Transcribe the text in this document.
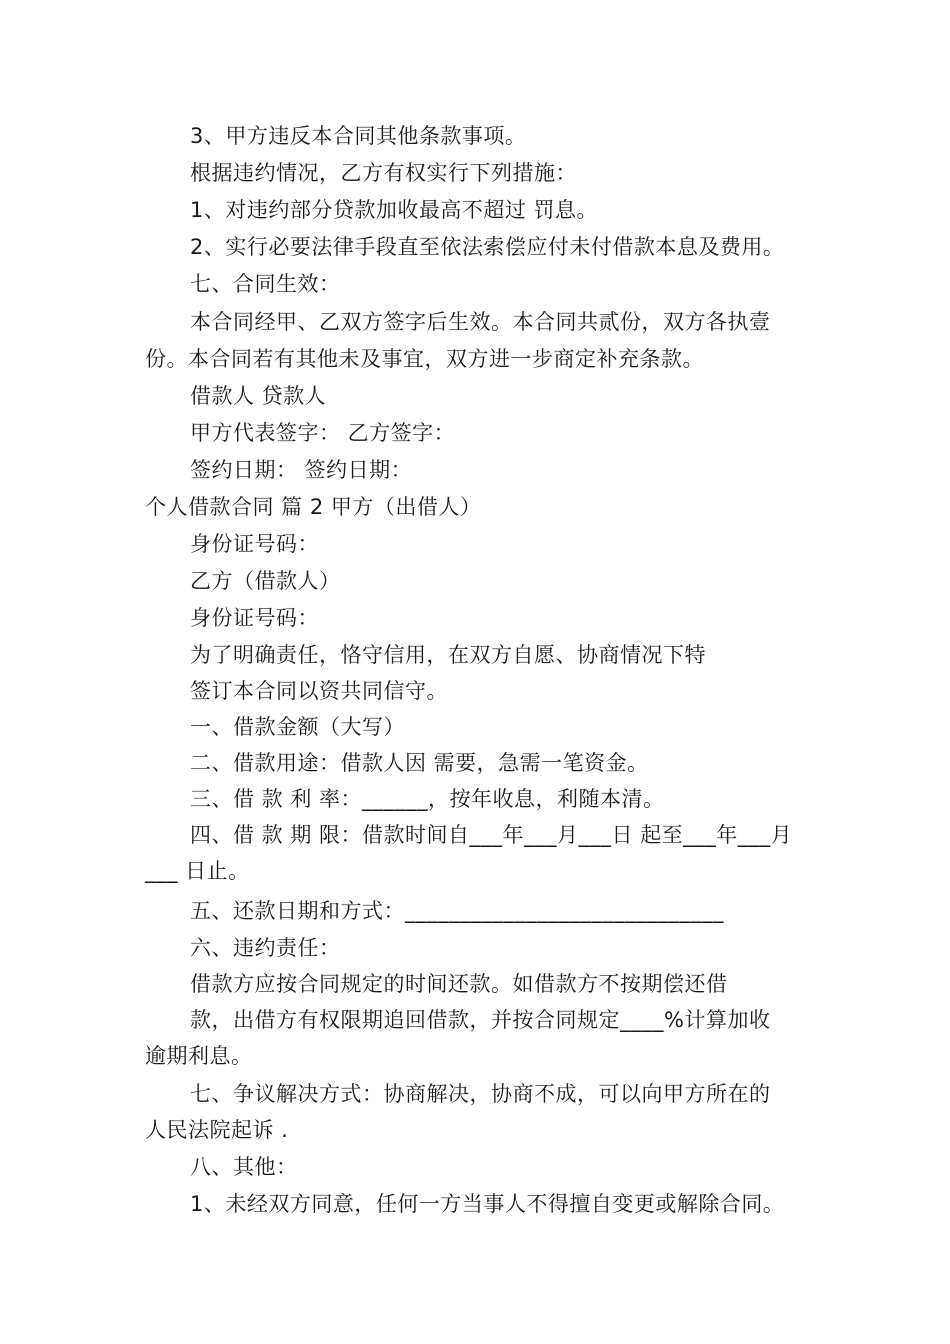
3、甲方违反本合同其他条款事项。
根据违约情况，乙方有权实行下列措施：
1、对违约部分贷款加收最高不超过 罚息。
2、实行必要法律手段直至依法索偿应付未付借款本息及费用。
七、合同生效：
本合同经甲、乙双方签字后生效。本合同共贰份，双方各执壹
份。本合同若有其他未及事宜，双方进一步商定补充条款。
借款人 贷款人
甲方代表签字： 乙方签字：
签约日期： 签约日期：
个人借款合同 篇 2 甲方（出借人）
身份证号码：
乙方（借款人）
身份证号码：
为了明确责任，恪守信用，在双方自愿、协商情况下特
签订本合同以资共同信守。
一、借款金额（大写）
二、借款用途：借款人因 需要，急需一笔资金。
三、借 款 利 率：______，按年收息，利随本清。
四、借 款 期 限：借款时间自___年___月___日 起至___年___月
___ 日止。
五、还款日期和方式：_____________________________
六、违约责任：
借款方应按合同规定的时间还款。如借款方不按期偿还借
款，出借方有权限期追回借款，并按合同规定____%计算加收
逾期利息。
七、争议解决方式：协商解决，协商不成，可以向甲方所在的
人民法院起诉 .
八、其他：
1、未经双方同意，任何一方当事人不得擅自变更或解除合同。
